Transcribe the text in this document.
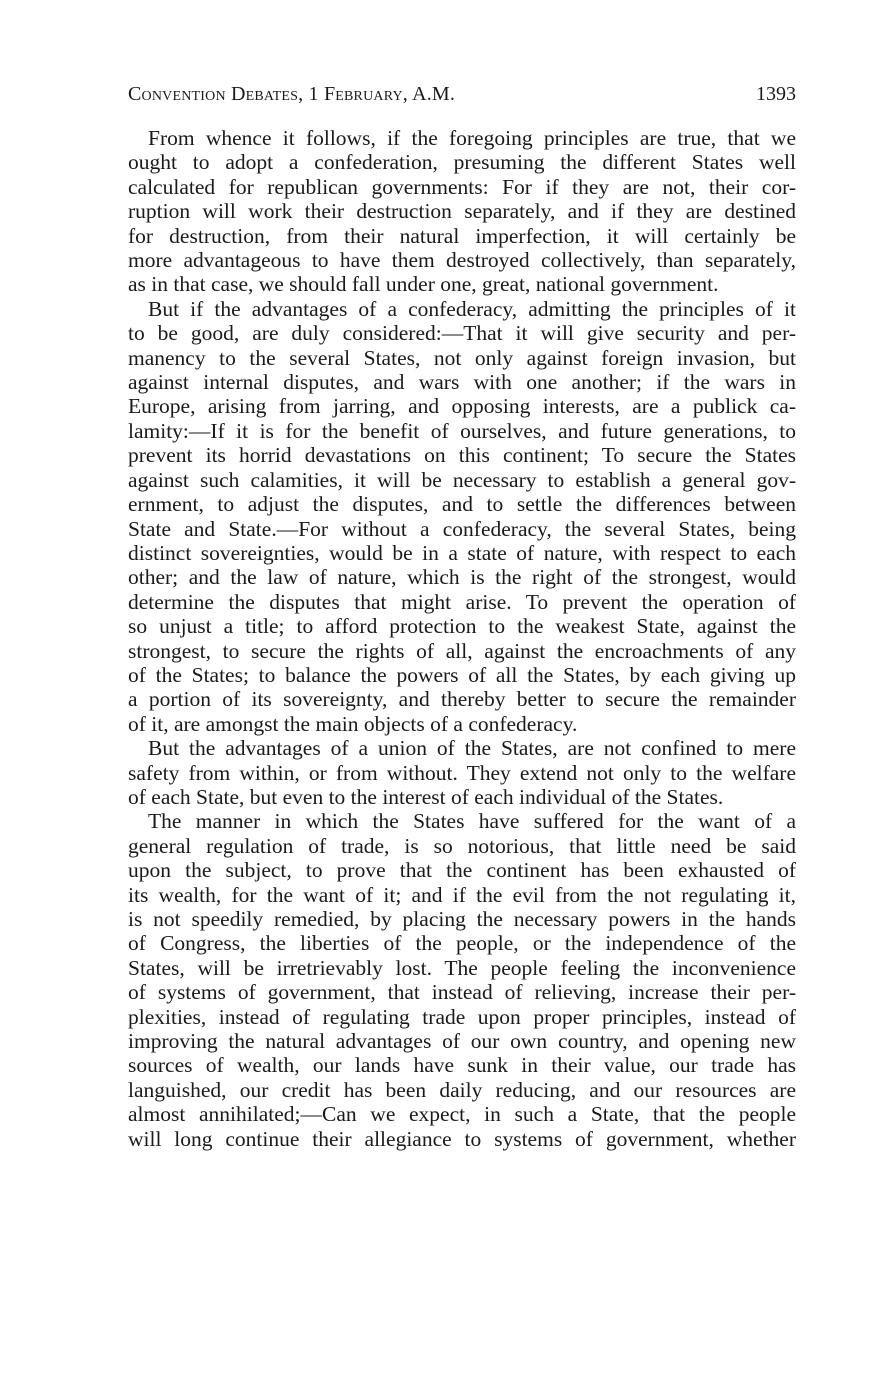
Convention Debates, 1 February, A.M.	1393
From whence it follows, if the foregoing principles are true, that we
ought to adopt a confederation, presuming the different States well
calculated for republican governments: For if they are not, their cor-
ruption will work their destruction separately, and if they are destined
for destruction, from their natural imperfection, it will certainly be
more advantageous to have them destroyed collectively, than separately,
as in that case, we should fall under one, great, national government.
But if the advantages of a confederacy, admitting the principles of it
to be good, are duly considered:—That it will give security and per-
manency to the several States, not only against foreign invasion, but
against internal disputes, and wars with one another; if the wars in
Europe, arising from jarring, and opposing interests, are a publick ca-
lamity:—If it is for the benefit of ourselves, and future generations, to
prevent its horrid devastations on this continent; To secure the States
against such calamities, it will be necessary to establish a general gov-
ernment, to adjust the disputes, and to settle the differences between
State and State.—For without a confederacy, the several States, being
distinct sovereignties, would be in a state of nature, with respect to each
other; and the law of nature, which is the right of the strongest, would
determine the disputes that might arise. To prevent the operation of
so unjust a title; to afford protection to the weakest State, against the
strongest, to secure the rights of all, against the encroachments of any
of the States; to balance the powers of all the States, by each giving up
a portion of its sovereignty, and thereby better to secure the remainder
of it, are amongst the main objects of a confederacy.
But the advantages of a union of the States, are not confined to mere
safety from within, or from without. They extend not only to the welfare
of each State, but even to the interest of each individual of the States.
The manner in which the States have suffered for the want of a
general regulation of trade, is so notorious, that little need be said
upon the subject, to prove that the continent has been exhausted of
its wealth, for the want of it; and if the evil from the not regulating it,
is not speedily remedied, by placing the necessary powers in the hands
of Congress, the liberties of the people, or the independence of the
States, will be irretrievably lost. The people feeling the inconvenience
of systems of government, that instead of relieving, increase their per-
plexities, instead of regulating trade upon proper principles, instead of
improving the natural advantages of our own country, and opening new
sources of wealth, our lands have sunk in their value, our trade has
languished, our credit has been daily reducing, and our resources are
almost annihilated;—Can we expect, in such a State, that the people
will long continue their allegiance to systems of government, whether
